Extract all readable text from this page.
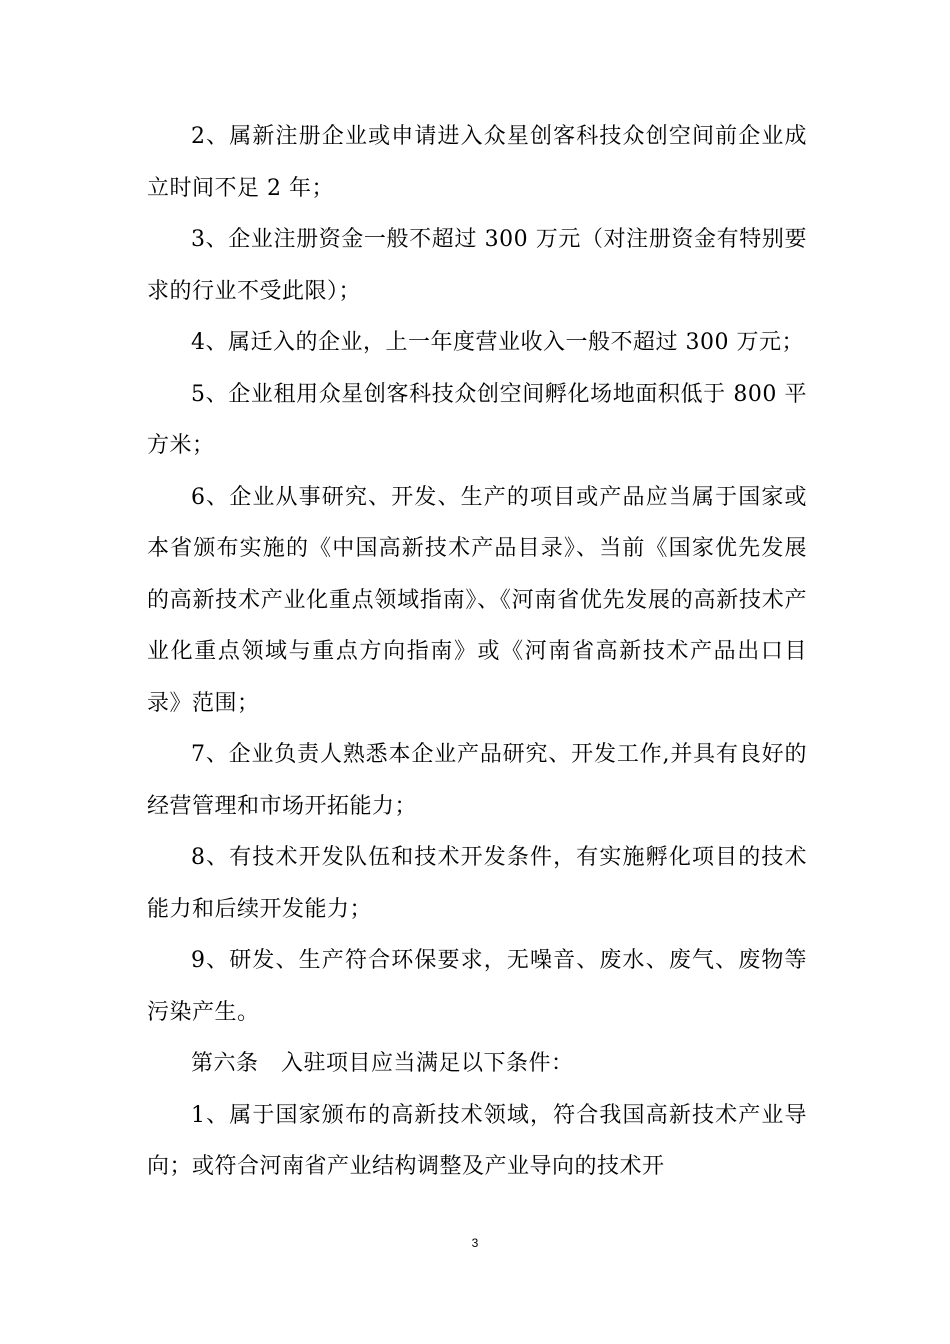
2、属新注册企业或申请进入众星创客科技众创空间前企业成立时间不足 2 年；

3、企业注册资金一般不超过 300 万元（对注册资金有特别要求的行业不受此限）；

4、属迁入的企业，上一年度营业收入一般不超过 300 万元；

5、企业租用众星创客科技众创空间孵化场地面积低于 800 平方米；

6、企业从事研究、开发、生产的项目或产品应当属于国家或本省颁布实施的《中国高新技术产品目录》、当前《国家优先发展的高新技术产业化重点领域指南》、《河南省优先发展的高新技术产业化重点领域与重点方向指南》或《河南省高新技术产品出口目录》范围；

7、企业负责人熟悉本企业产品研究、开发工作,并具有良好的经营管理和市场开拓能力；

8、有技术开发队伍和技术开发条件，有实施孵化项目的技术能力和后续开发能力；

9、研发、生产符合环保要求，无噪音、废水、废气、废物等污染产生。

第六条　入驻项目应当满足以下条件：

1、属于国家颁布的高新技术领域，符合我国高新技术产业导向；或符合河南省产业结构调整及产业导向的技术开

3
